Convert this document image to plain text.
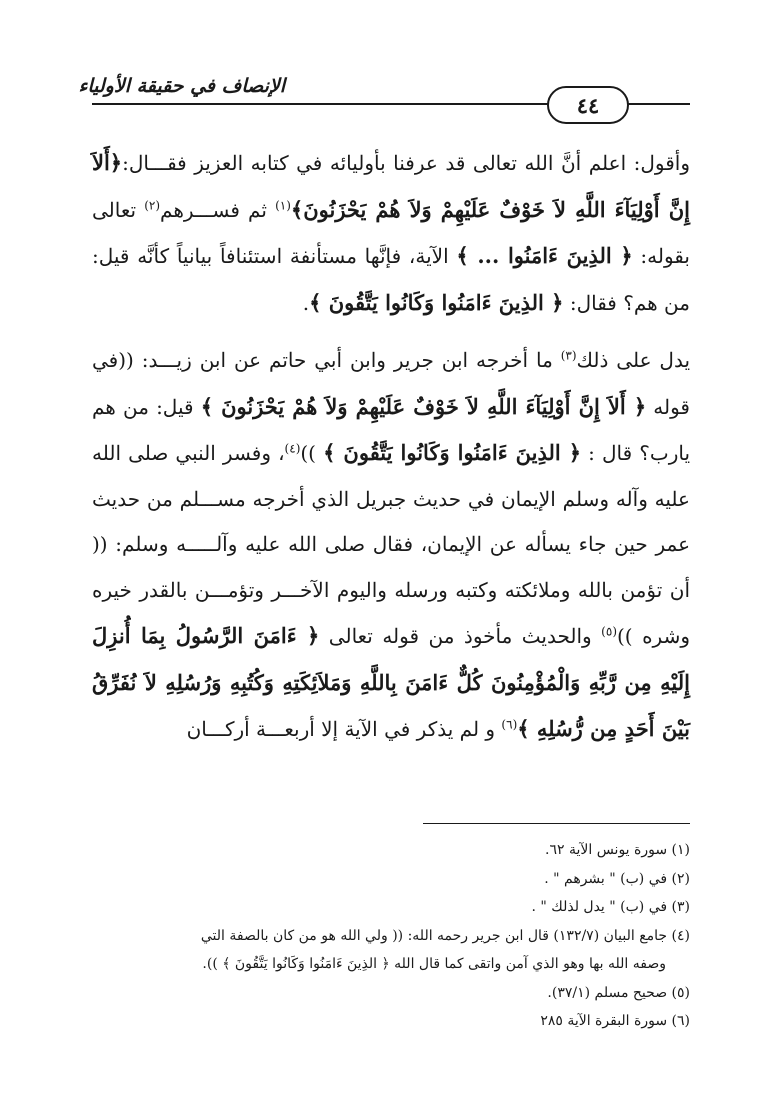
الإنصاف في حقيقة الأولياء
٤٤

وأقول: اعلم أنَّ الله تعالى قد عرفنا بأوليائه في كتابه العزيز فقـــال:﴿أَلاَ إِنَّ أَوْلِيَآءَ اللَّهِ لاَ خَوْفٌ عَلَيْهِمْ وَلاَ هُمْ يَحْزَنُونَ﴾$^{(١)}$ ثم فســـرهم$^{(٢)}$ تعالى بقوله: ﴿ الذِينَ ءَامَنُوا ... ﴾ الآية، فإنَّها مستأنفة استئنافاً بيانياً كأنَّه قيل: من هم؟ فقال: ﴿ الذِينَ ءَامَنُوا وَكَانُوا يَتَّقُونَ ﴾.

يدل على ذلك$^{(٣)}$ ما أخرجه ابن جرير وابن أبي حاتم عن ابن زيـــد: ((في قوله ﴿ أَلاَ إِنَّ أَوْلِيَآءَ اللَّهِ لاَ خَوْفٌ عَلَيْهِمْ وَلاَ هُمْ يَحْزَنُونَ ﴾ قيل: من هم يارب؟ قال : ﴿ الذِينَ ءَامَنُوا وَكَانُوا يَتَّقُونَ ﴾ ))$^{(٤)}$، وفسر النبي صلى الله عليه وآله وسلم الإيمان في حديث جبريل الذي أخرجه مســـلم من حديث عمر حين جاء يسأله عن الإيمان، فقال صلى الله عليه وآلـــــه وسلم: (( أن تؤمن بالله وملائكته وكتبه ورسله واليوم الآخـــر وتؤمـــن بالقدر خيره وشره ))$^{(٥)}$ والحديث مأخوذ من قوله تعالى ﴿ ءَامَنَ الرَّسُولُ بِمَا أُنزِلَ إِلَيْهِ مِن رَّبِّهِ وَالْمُؤْمِنُونَ كُلٌّ ءَامَنَ بِاللَّهِ وَمَلاَئِكَتِهِ وَكُتُبِهِ وَرُسُلِهِ لاَ نُفَرِّقُ بَيْنَ أَحَدٍ مِن رُّسُلِهِ ﴾$^{(٦)}$ و لم يذكر في الآية إلا أربعـــة أركـــان

(١) سورة يونس الآية ٦٢.
(٢) في (ب) " بشرهم " .
(٣) في (ب) " يدل لذلك " .
(٤) جامع البيان (١٣٢/٧) قال ابن جرير رحمه الله: (( ولي الله هو من كان بالصفة التي
وصفه الله بها وهو الذي آمن واتقى كما قال الله ﴿ الذِينَ ءَامَنُوا وَكَانُوا يَتَّقُونَ ﴾ )).
(٥) صحيح مسلم (٣٧/١).
(٦) سورة البقرة الآية ٢٨٥
